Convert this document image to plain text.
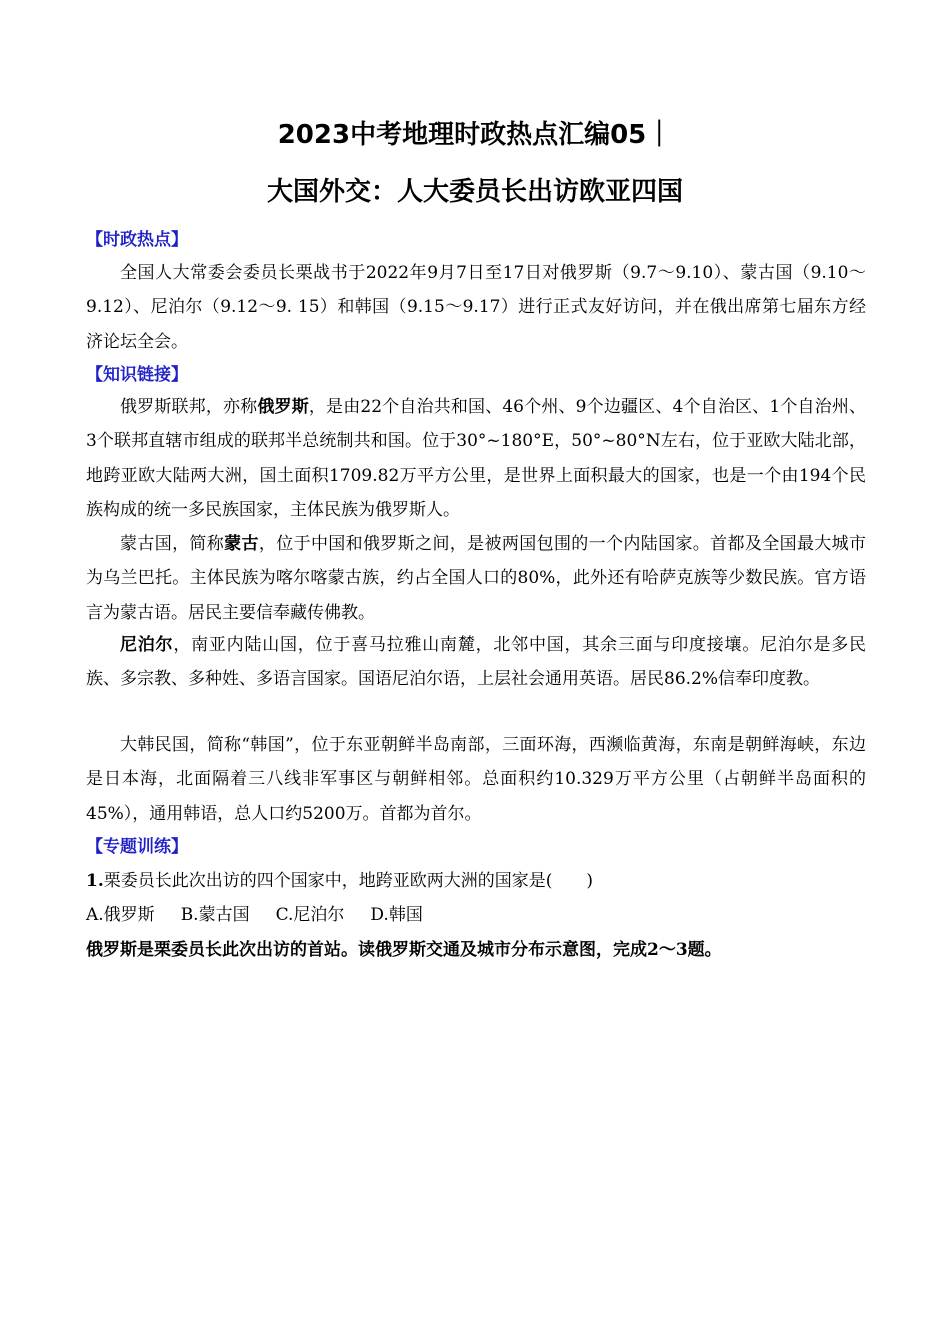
2023中考地理时政热点汇编05｜
大国外交：人大委员长出访欧亚四国
【时政热点】
全国人大常委会委员长栗战书于2022年9月7日至17日对俄罗斯（9.7～9.10）、蒙古国（9.10～9.12）、尼泊尔（9.12～9. 15）和韩国（9.15～9.17）进行正式友好访问，并在俄出席第七届东方经济论坛全会。
【知识链接】
俄罗斯联邦，亦称俄罗斯，是由22个自治共和国、46个州、9个边疆区、4个自治区、1个自治州、3个联邦直辖市组成的联邦半总统制共和国。位于30°~180°E，50°~80°N左右，位于亚欧大陆北部，地跨亚欧大陆两大洲，国土面积1709.82万平方公里，是世界上面积最大的国家，也是一个由194个民族构成的统一多民族国家，主体民族为俄罗斯人。
蒙古国，简称蒙古，位于中国和俄罗斯之间，是被两国包围的一个内陆国家。首都及全国最大城市为乌兰巴托。主体民族为喀尔喀蒙古族，约占全国人口的80%，此外还有哈萨克族等少数民族。官方语言为蒙古语。居民主要信奉藏传佛教。
尼泊尔，南亚内陆山国，位于喜马拉雅山南麓，北邻中国，其余三面与印度接壤。尼泊尔是多民族、多宗教、多种姓、多语言国家。国语尼泊尔语，上层社会通用英语。居民86.2%信奉印度教。
大韩民国，简称“韩国”，位于东亚朝鲜半岛南部，三面环海，西濒临黄海，东南是朝鲜海峡，东边是日本海，北面隔着三八线非军事区与朝鲜相邻。总面积约10.329万平方公里（占朝鲜半岛面积的45%），通用韩语，总人口约5200万。首都为首尔。
【专题训练】
1.栗委员长此次出访的四个国家中，地跨亚欧两大洲的国家是(　　)
A.俄罗斯 B.蒙古国 C.尼泊尔 D.韩国
俄罗斯是栗委员长此次出访的首站。读俄罗斯交通及城市分布示意图，完成2～3题。
